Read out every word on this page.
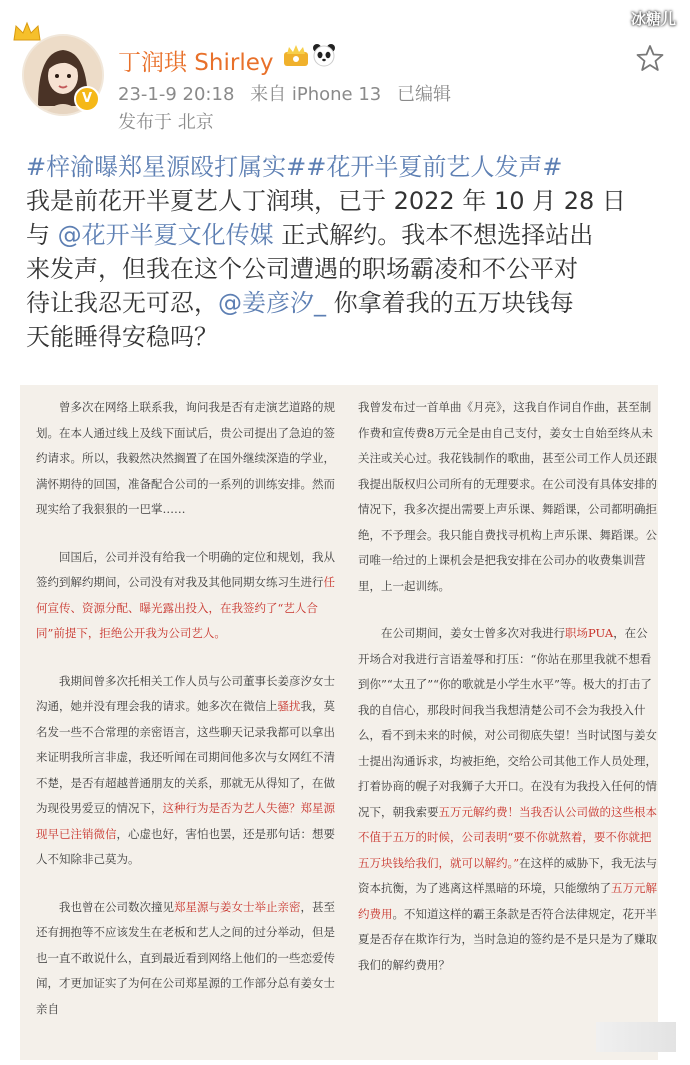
冰糖儿
V
丁润琪 Shirley
23-1-9 20:18 来自 iPhone 13 已编辑
发布于 北京
#梓渝曝郑星源殴打属实##花开半夏前艺人发声#
我是前花开半夏艺人丁润琪，已于 2022 年 10 月 28 日
与 @花开半夏文化传媒 正式解约。我本不想选择站出
来发声，但我在这个公司遭遇的职场霸凌和不公平对
待让我忍无可忍，@姜彦汐_ 你拿着我的五万块钱每
天能睡得安稳吗？

曾多次在网络上联系我，询问我是否有走演艺道路的规划。在本人通过线上及线下面试后，贵公司提出了急迫的签约请求。所以，我毅然决然搁置了在国外继续深造的学业，满怀期待的回国，准备配合公司的一系列的训练安排。然而现实给了我狠狠的一巴掌……

回国后，公司并没有给我一个明确的定位和规划，我从签约到解约期间，公司没有对我及其他同期女练习生进行任何宣传、资源分配、曝光露出投入，在我签约了“艺人合同”前提下，拒绝公开我为公司艺人。

我期间曾多次托相关工作人员与公司董事长姜彦汐女士沟通，她并没有理会我的请求。她多次在微信上骚扰我，莫名发一些不合常理的亲密语言，这些聊天记录我都可以拿出来证明我所言非虚，我还听闻在司期间他多次与女网红不清不楚，是否有超越普通朋友的关系，那就无从得知了，在做为现役男爱豆的情况下，这种行为是否为艺人失德？郑星源现早已注销微信，心虚也好，害怕也罢，还是那句话：想要人不知除非己莫为。

我也曾在公司数次撞见郑星源与姜女士举止亲密，甚至还有拥抱等不应该发生在老板和艺人之间的过分举动，但是也一直不敢说什么，直到最近看到网络上他们的一些恋爱传闻，才更加证实了为何在公司郑星源的工作部分总有姜女士亲自

我曾发布过一首单曲《月亮》，这我自作词自作曲，甚至制作费和宣传费8万元全是由自己支付，姜女士自始至终从未关注或关心过。我花钱制作的歌曲，甚至公司工作人员还跟我提出版权归公司所有的无理要求。在公司没有具体安排的情况下，我多次提出需要上声乐课、舞蹈课，公司都明确拒绝，不予理会。我只能自费找寻机构上声乐课、舞蹈课。公司唯一给过的上课机会是把我安排在公司办的收费集训营里，上一起训练。

在公司期间，姜女士曾多次对我进行职场PUA，在公开场合对我进行言语羞辱和打压：“你站在那里我就不想看到你”“太丑了”“你的歌就是小学生水平”等。极大的打击了我的自信心，那段时间我当我想清楚公司不会为我投入什么，看不到未来的时候，对公司彻底失望！当时试图与姜女士提出沟通诉求，均被拒绝，交给公司其他工作人员处理，打着协商的幌子对我狮子大开口。在没有为我投入任何的情况下，朝我索要五万元解约费！当我否认公司做的这些根本不值于五万的时候，公司表明“要不你就熬着，要不你就把五万块钱给我们，就可以解约。”在这样的威胁下，我无法与资本抗衡，为了逃离这样黑暗的环境，只能缴纳了五万元解约费用。不知道这样的霸王条款是否符合法律规定，花开半夏是否存在欺诈行为，当时急迫的签约是不是只是为了赚取我们的解约费用？
